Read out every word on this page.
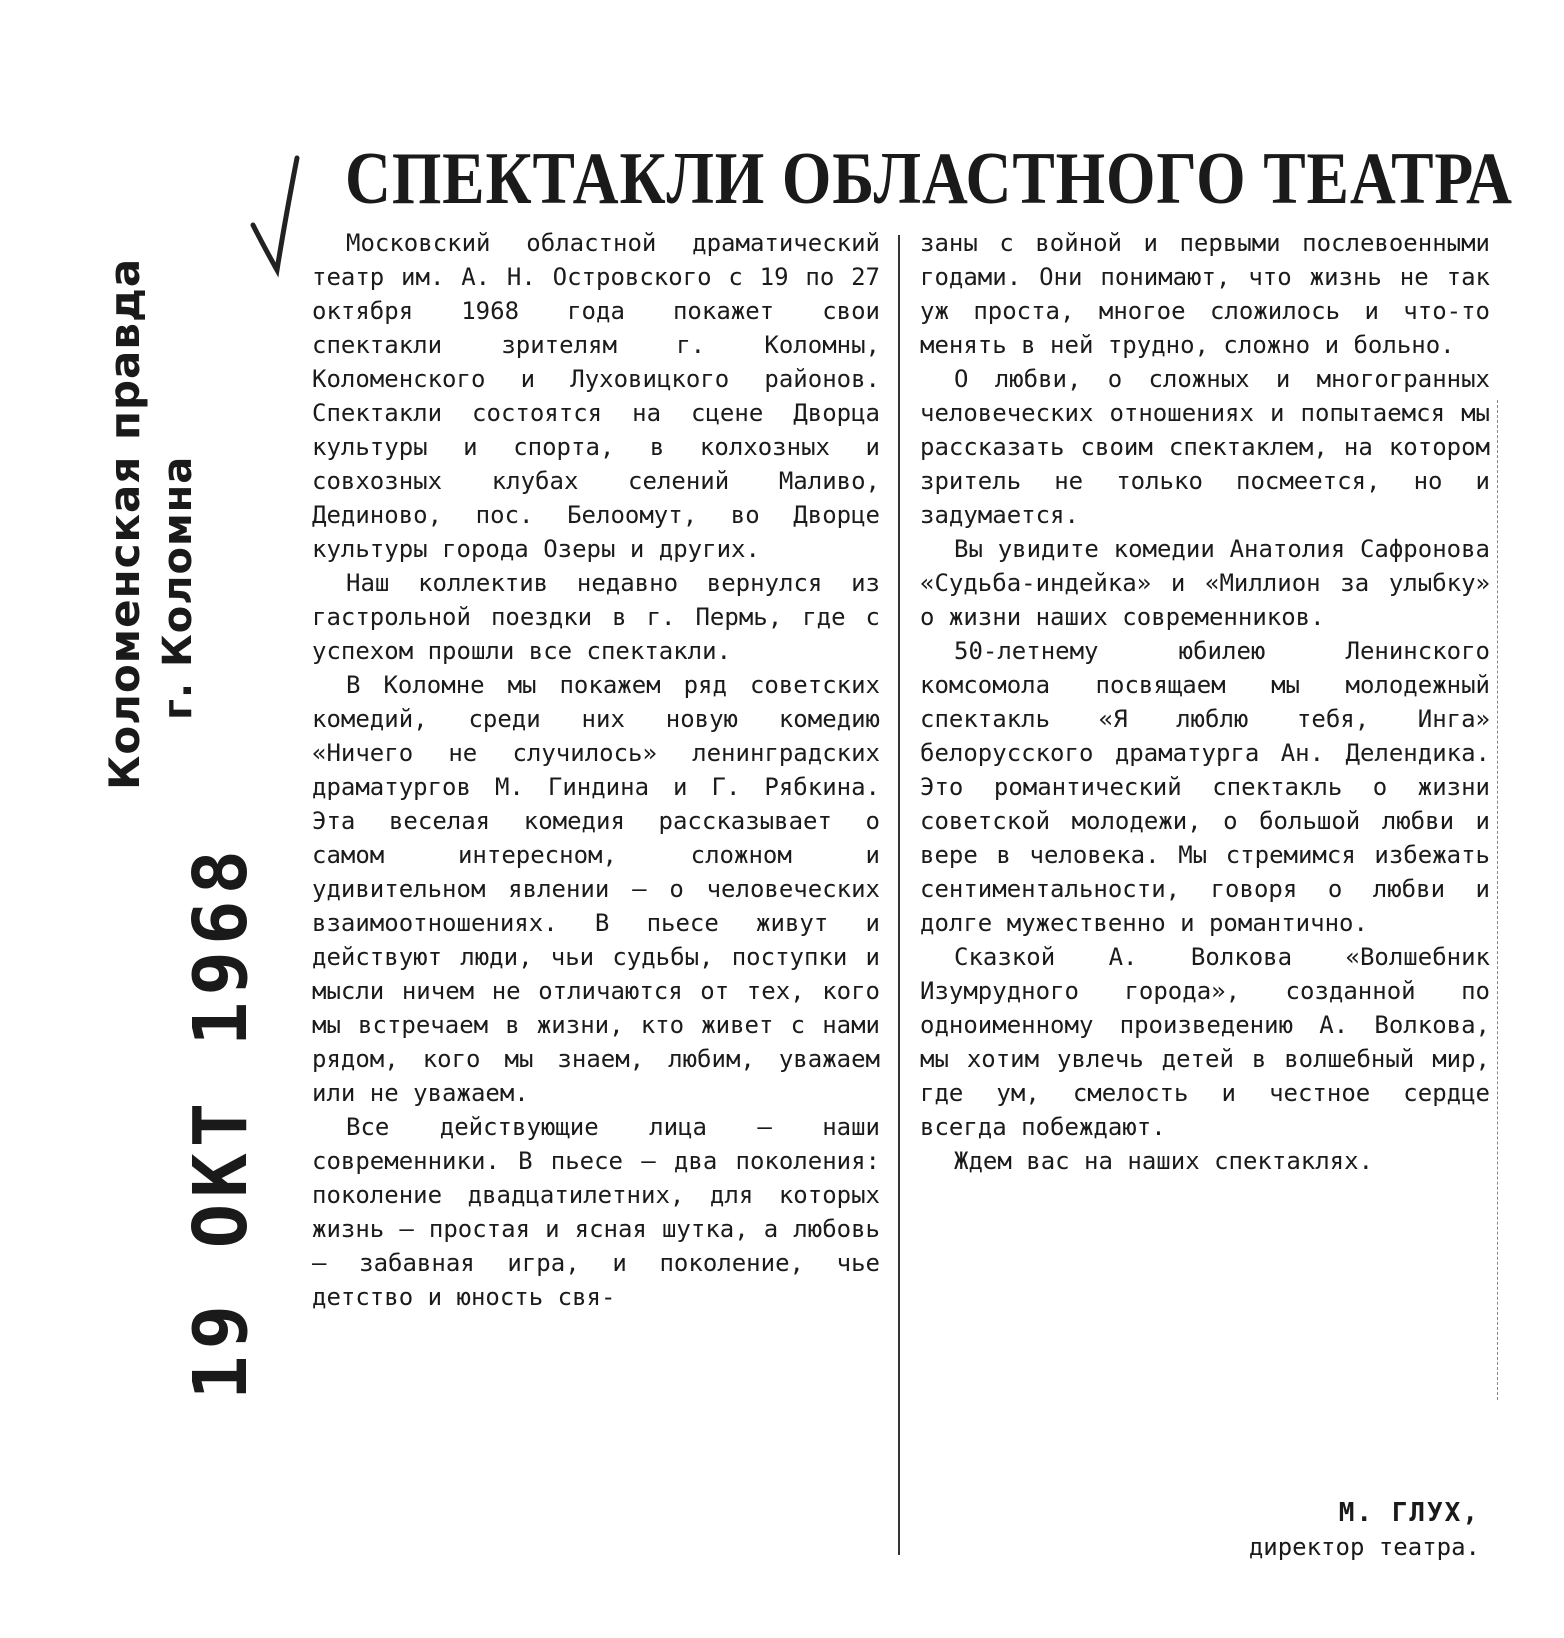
Коломенская правда г. Коломна
19 ОКТ 1968
СПЕКТАКЛИ ОБЛАСТНОГО ТЕАТРА

Московский областной драматический театр им. А. Н. Островского с 19 по 27 октября 1968 года покажет свои спектакли зрителям г. Коломны, Коломенского и Луховицкого районов. Спектакли состоятся на сцене Дворца культуры и спорта, в колхозных и совхозных клубах селений Маливо, Дединово, пос. Белоомут, во Дворце культуры города Озеры и других.

Наш коллектив недавно вернулся из гастрольной поездки в г. Пермь, где с успехом прошли все спектакли.

В Коломне мы покажем ряд советских комедий, среди них новую комедию «Ничего не случилось» ленинградских драматургов М. Гиндина и Г. Рябкина. Эта веселая комедия рассказывает о самом интересном, сложном и удивительном явлении — о человеческих взаимоотношениях. В пьесе живут и действуют люди, чьи судьбы, поступки и мысли ничем не отличаются от тех, кого мы встречаем в жизни, кто живет с нами рядом, кого мы знаем, любим, уважаем или не уважаем.

Все действующие лица — наши современники. В пьесе — два поколения: поколение двадцатилетних, для которых жизнь — простая и ясная шутка, а любовь — забавная игра, и поколение, чье детство и юность свя-

заны с войной и первыми послевоенными годами. Они понимают, что жизнь не так уж проста, многое сложилось и что-то менять в ней трудно, сложно и больно.

О любви, о сложных и многогранных человеческих отношениях и попытаемся мы рассказать своим спектаклем, на котором зритель не только посмеется, но и задумается.

Вы увидите комедии Анатолия Сафронова «Судьба-индейка» и «Миллион за улыбку» о жизни наших современников.

50-летнему юбилею Ленинского комсомола посвящаем мы молодежный спектакль «Я люблю тебя, Инга» белорусского драматурга Ан. Делендика. Это романтический спектакль о жизни советской молодежи, о большой любви и вере в человека. Мы стремимся избежать сентиментальности, говоря о любви и долге мужественно и романтично.

Сказкой А. Волкова «Волшебник Изумрудного города», созданной по одноименному произведению А. Волкова, мы хотим увлечь детей в волшебный мир, где ум, смелость и честное сердце всегда побеждают.

Ждем вас на наших спектаклях.

М. ГЛУХ,
директор театра.
